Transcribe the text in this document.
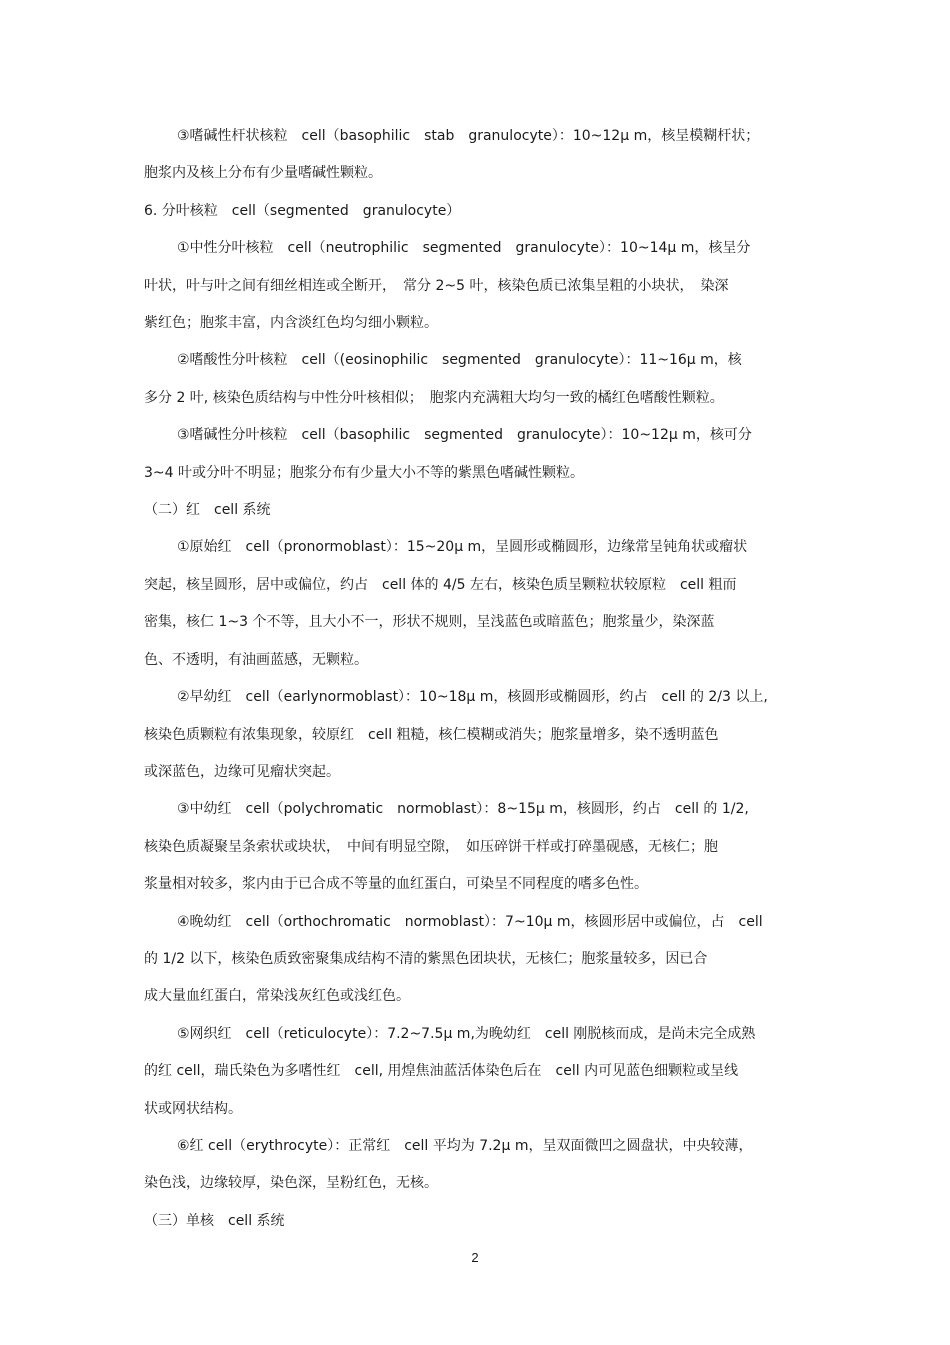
③嗜碱性杆状核粒　cell（basophilic　stab　granulocyte）：10~12μ m，核呈模糊杆状；

胞浆内及核上分布有少量嗜碱性颗粒。

6. 分叶核粒　cell（segmented　granulocyte）

①中性分叶核粒　cell（neutrophilic　segmented　granulocyte）：10~14μ m，核呈分

叶状，叶与叶之间有细丝相连或全断开，　常分 2~5 叶，核染色质已浓集呈粗的小块状，　染深

紫红色；胞浆丰富，内含淡红色均匀细小颗粒。

②嗜酸性分叶核粒　cell（(eosinophilic　segmented　granulocyte）：11~16μ m，核

多分 2 叶, 核染色质结构与中性分叶核相似；　胞浆内充满粗大均匀一致的橘红色嗜酸性颗粒。

③嗜碱性分叶核粒　cell（basophilic　segmented　granulocyte）：10~12μ m，核可分

3~4 叶或分叶不明显；胞浆分布有少量大小不等的紫黑色嗜碱性颗粒。

（二）红　cell 系统

①原始红　cell（pronormoblast）：15~20μ m，呈圆形或椭圆形，边缘常呈钝角状或瘤状

突起，核呈圆形，居中或偏位，约占　cell 体的 4/5 左右，核染色质呈颗粒状较原粒　cell 粗而

密集，核仁 1~3 个不等，且大小不一，形状不规则，呈浅蓝色或暗蓝色；胞浆量少，染深蓝

色、不透明，有油画蓝感，无颗粒。

②早幼红　cell（earlynormoblast）：10~18μ m，核圆形或椭圆形，约占　cell 的 2/3 以上,

核染色质颗粒有浓集现象，较原红　cell 粗糙，核仁模糊或消失；胞浆量增多，染不透明蓝色

或深蓝色，边缘可见瘤状突起。

③中幼红　cell（polychromatic　normoblast）：8~15μ m，核圆形，约占　cell 的 1/2,

核染色质凝聚呈条索状或块状，　中间有明显空隙，　如压碎饼干样或打碎墨砚感，无核仁；胞

浆量相对较多，浆内由于已合成不等量的血红蛋白，可染呈不同程度的嗜多色性。

④晚幼红　cell（orthochromatic　normoblast）：7~10μ m，核圆形居中或偏位，占　cell

的 1/2 以下，核染色质致密聚集成结构不清的紫黑色团块状，无核仁；胞浆量较多，因已合

成大量血红蛋白，常染浅灰红色或浅红色。

⑤网织红　cell（reticulocyte）：7.2~7.5μ m,为晚幼红　cell 刚脱核而成，是尚未完全成熟

的红 cell，瑞氏染色为多嗜性红　cell, 用煌焦油蓝活体染色后在　cell 内可见蓝色细颗粒或呈线

状或网状结构。

⑥红 cell（erythrocyte）：正常红　cell 平均为 7.2μ m，呈双面微凹之圆盘状，中央较薄，

染色浅，边缘较厚，染色深，呈粉红色，无核。

（三）单核　cell 系统

2
